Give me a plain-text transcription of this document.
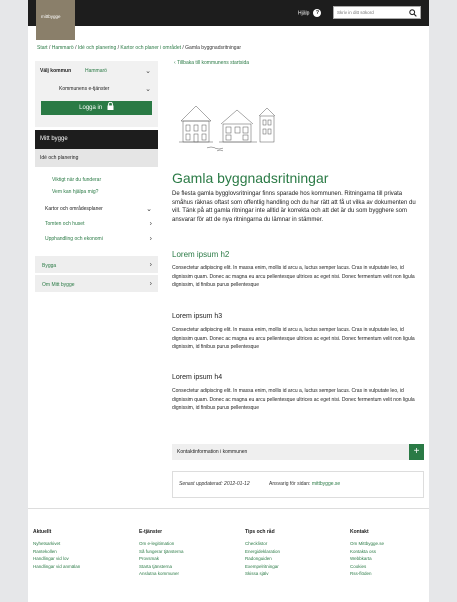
Hjälp ?
Skriv in ditt sökord
mittbygge
Start / Hammarö / Idé och planering / Kartor och planer i området / Gamla byggnadsritningar
Välj kommun	Hammarö	⌄
Kommunens e-tjänster	⌄
Logga in
Mitt bygge
Idé och planering
Viktigt när du funderar
Vem kan hjälpa mig?
Kartor och områdesplaner	⌄
Tomten och huset	›
Upphandling och ekonomi	›
Bygga	›
Om Mitt bygge	›
‹ Tillbaka till kommunens startsida
Gamla byggnadsritningar
De flesta gamla bygglovsritningar finns sparade hos kommunen. Ritningarna till privata småhus räknas oftast som offentlig handling och du har rätt att få ut vilka av dokumenten du vill. Tänk på att gamla ritningar inte alltid är korrekta och att det är du som bygghere som ansvarar för att de nya ritningarna du lämnar in stämmer.
Lorem ipsum h2
Consectetur adipiscing elit. In massa enim, mollis id arcu a, luctus semper lacus. Cras in vulputate leo, id dignissim quam. Donec ac magna eu arcu pellentesque ultrices ac eget nisi. Donec fermentum velit non ligula dignissim, id finibus purus pellentesque
Lorem ipsum h3
Consectetur adipiscing elit. In massa enim, mollis id arcu a, luctus semper lacus. Cras in vulputate leo, id dignissim quam. Donec ac magna eu arcu pellentesque ultrices ac eget nisi. Donec fermentum velit non ligula dignissim, id finibus purus pellentesque
Lorem ipsum h4
Consectetur adipiscing elit. In massa enim, mollis id arcu a, luctus semper lacus. Cras in vulputate leo, id dignissim quam. Donec ac magna eu arcu pellentesque ultrices ac eget nisi. Donec fermentum velit non ligula dignissim, id finibus purus pellentesque
Kontaktinformation i kommunen	+
Senast uppdaterad: 2012-01-12	Ansvarig för sidan: mittbygge.se
Aktuellt
Nyhetsarkivet
Rantekollen
Handlingar vid lov
Handlingar vid anmälan
E-tjänster
Om e-legitimation
Så fungerar tjänsterna
Provsmak
Starta tjänsterna
Anslutna kommuner
Tips och råd
Checklistor
Energideklaration
Radonguiden
Exempelritningar
Skissa själv
Kontakt
Om Mittbygge.se
Kontakta oss
Webbkarta
Cookies
Rss-flöden
